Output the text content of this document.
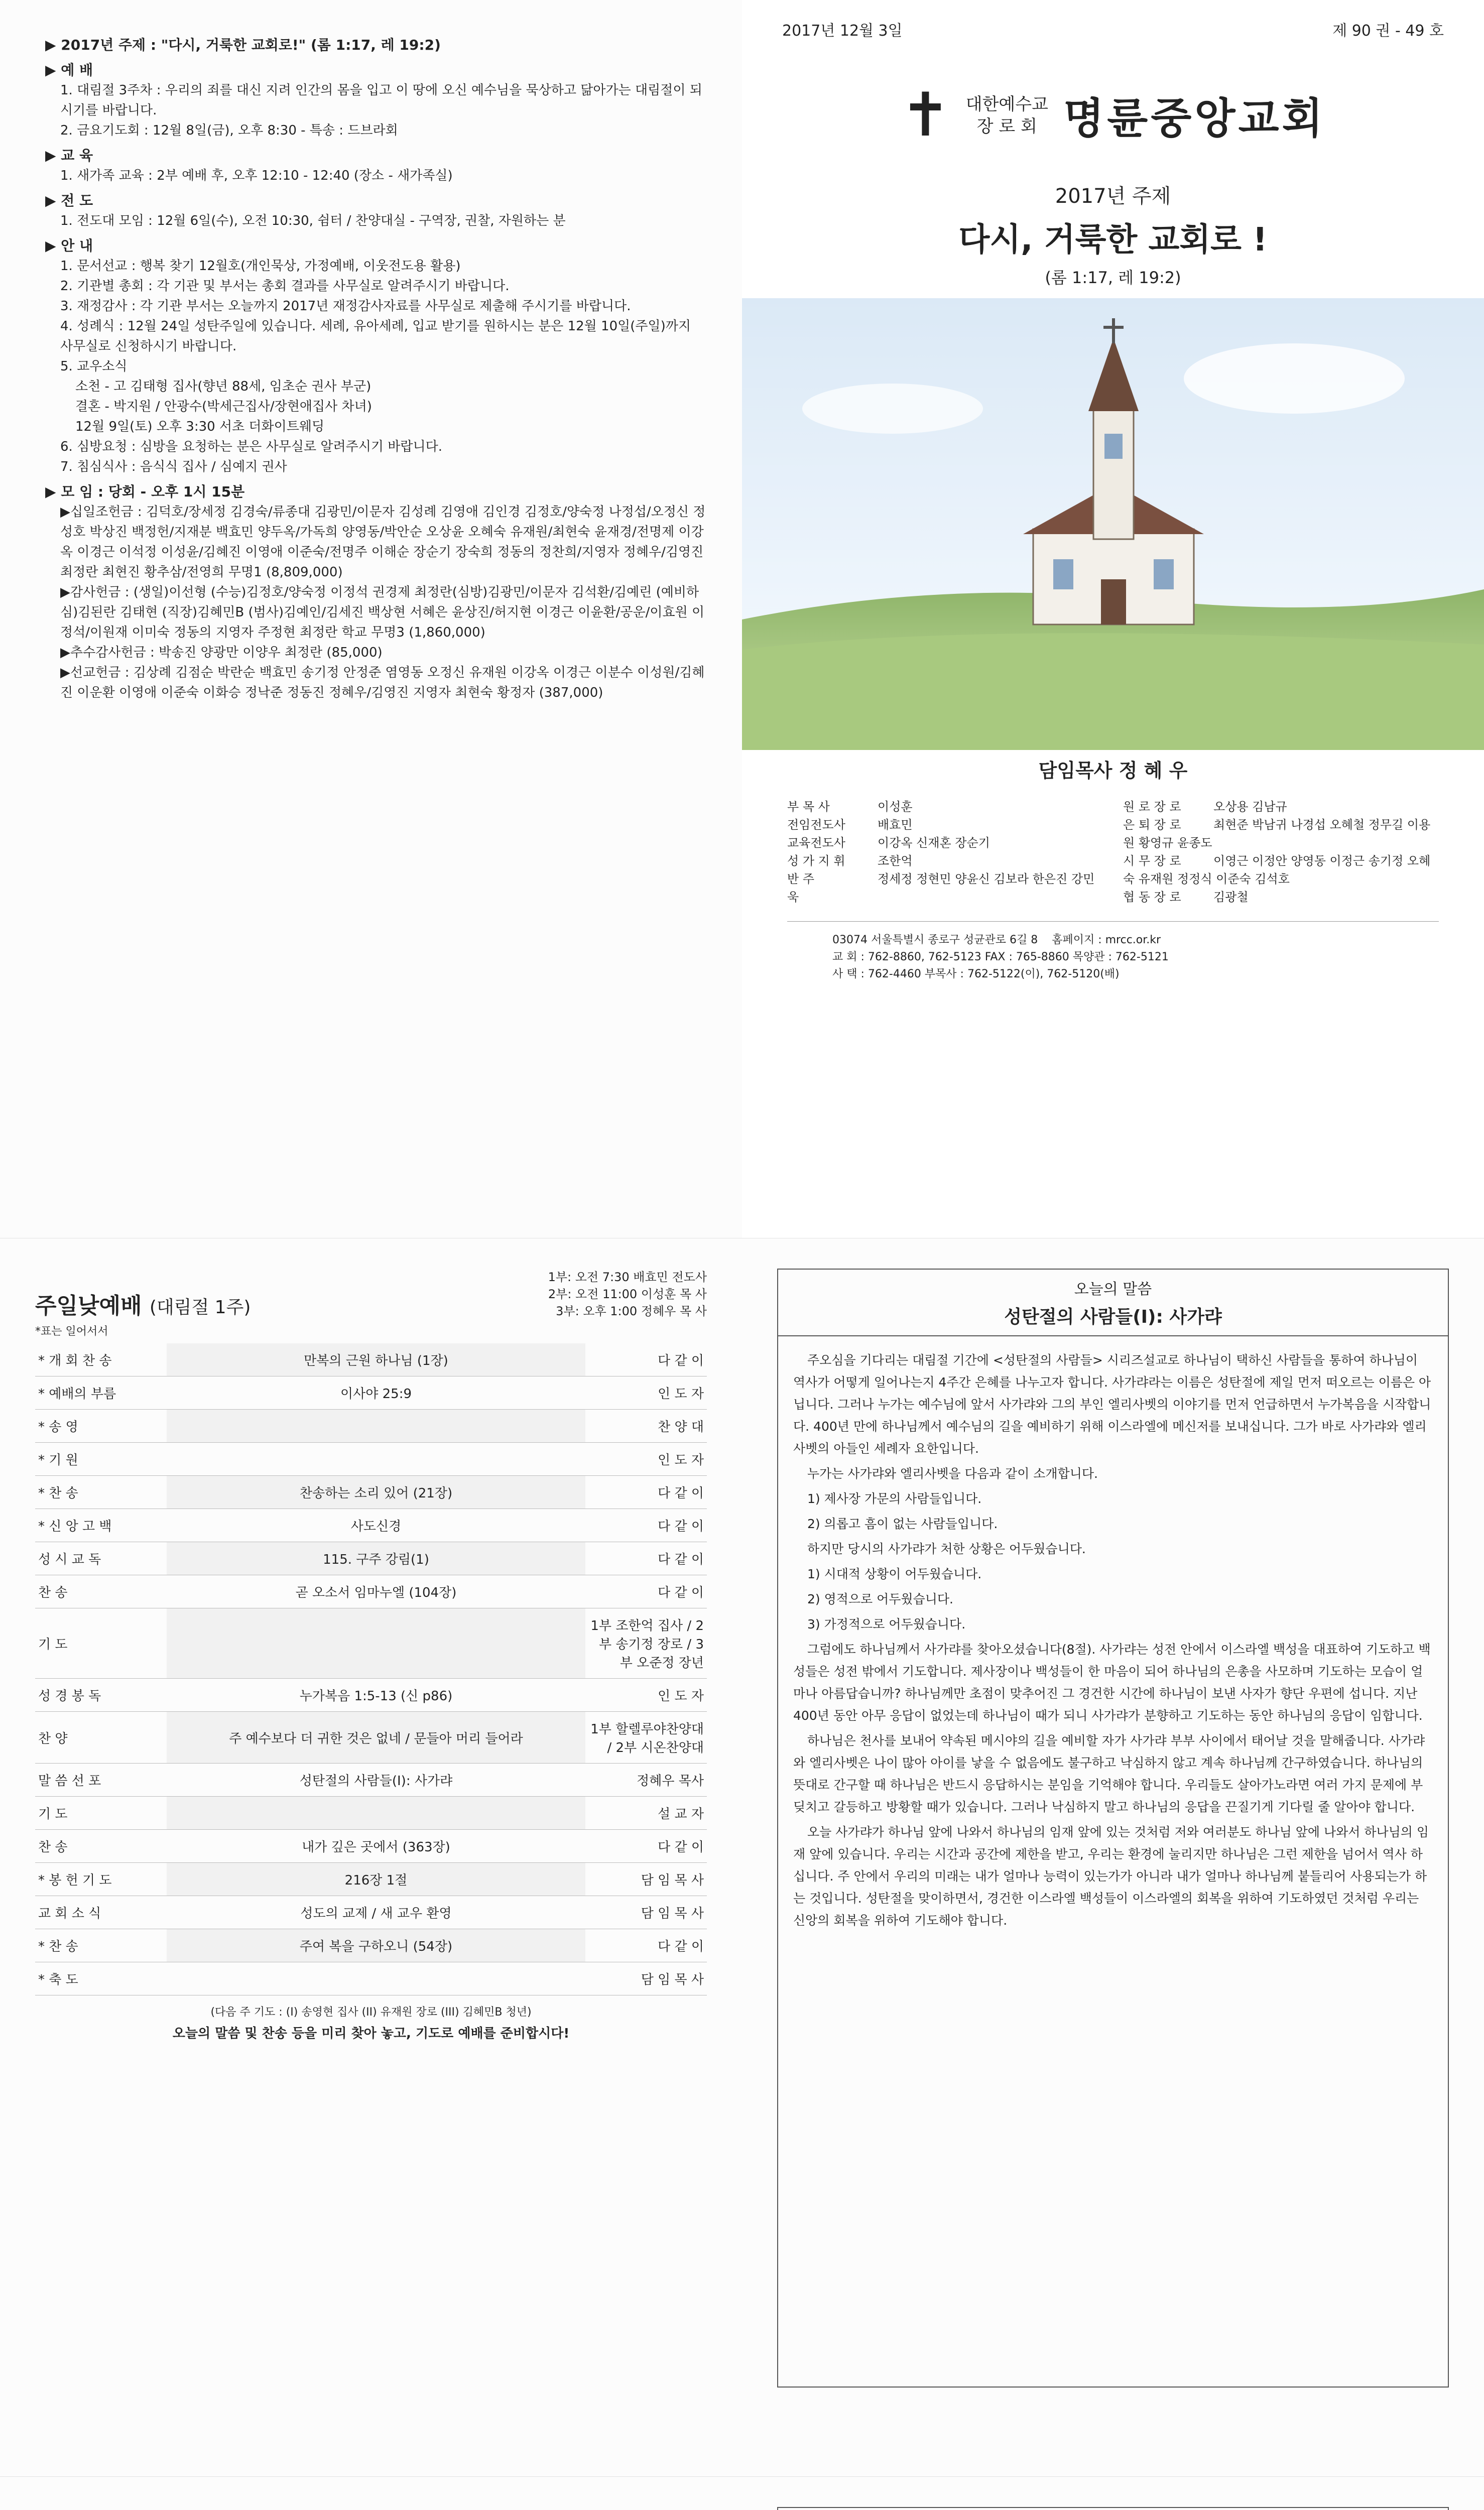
▶ 2017년 주제 : "다시, 거룩한 교회로!" (롬 1:17, 레 19:2)
▶ 예 배
1. 대림절 3주차 : 우리의 죄를 대신 지려 인간의 몸을 입고 이 땅에 오신 예수님을 묵상하고 닮아가는 대림절이 되시기를 바랍니다.
2. 금요기도회 : 12월 8일(금), 오후 8:30 - 특송 : 드브라회
▶ 교 육
1. 새가족 교육 : 2부 예배 후, 오후 12:10 - 12:40 (장소 - 새가족실)
▶ 전 도
1. 전도대 모임 : 12월 6일(수), 오전 10:30, 쉼터 / 찬양대실 - 구역장, 권찰, 자원하는 분
▶ 안 내
1. 문서선교 : 행복 찾기 12월호(개인묵상, 가정예배, 이웃전도용 활용)
2. 기관별 총회 : 각 기관 및 부서는 총회 결과를 사무실로 알려주시기 바랍니다.
3. 재정감사 : 각 기관 부서는 오늘까지 2017년 재정감사자료를 사무실로 제출해 주시기를 바랍니다.
4. 성례식 : 12월 24일 성탄주일에 있습니다. 세례, 유아세례, 입교 받기를 원하시는 분은 12월 10일(주일)까지 사무실로 신청하시기 바랍니다.
5. 교우소식
소천 - 고 김태형 집사(향년 88세, 임초순 권사 부군)
결혼 - 박지원 / 안광수(박세근집사/장현애집사 차녀)
12월 9일(토) 오후 3:30 서초 더화이트웨딩
6. 심방요청 : 심방을 요청하는 분은 사무실로 알려주시기 바랍니다.
7. 침심식사 : 음식식 집사 / 심예지 권사
▶ 모 임 : 당회 - 오후 1시 15분
▶십일조헌금 : 김덕호/장세정 김경숙/류종대 김광민/이문자 김성례 김영애 김인경 김정호/양숙정 나정섭/오정신 정성호 박상진 백정헌/지재분 백효민 양두옥/가독희 양영동/박안순 오상윤 오혜숙 유재원/최현숙 윤재경/전명제 이강옥 이경근 이석정 이성윤/김혜진 이영애 이준숙/전명주 이해순 장순기 장숙희 정동의 정찬희/지영자 정혜우/김영진 최정란 최현진 황추삼/전영희 무명1 (8,809,000)
▶감사헌금 : (생일)이선형 (수능)김정호/양숙정 이정석 권경제 최정란(심방)김광민/이문자 김석환/김예린 (예비하심)김된란 김태현 (직장)김혜민B (범사)김예인/김세진 백상현 서혜은 윤상진/허지현 이경근 이윤환/공운/이효원 이정석/이원재 이미숙 정동의 지영자 주정현 최정란 학교 무명3 (1,860,000)
▶추수감사헌금 : 박송진 양광만 이양우 최정란 (85,000)
▶선교헌금 : 김상례 김점순 박란순 백효민 송기정 안정준 염영동 오정신 유재원 이강옥 이경근 이분수 이성원/김혜진 이운환 이영애 이준숙 이화승 정낙준 정동진 정혜우/김영진 지영자 최현숙 황정자 (387,000)
2017년 12월 3일	제 90 권 - 49 호
✝ 대한예수교
장 로 회 명륜중앙교회
2017년 주제
다시, 거룩한 교회로 !
(롬 1:17, 레 19:2)
담임목사 정 혜 우
부 목 사	이성훈
전임전도사	배효민
교육전도사	이강옥 신재혼 장순기
성 가 지 휘	조한억
반 주	정세정 정현민 양윤신 김보라 한은진 강민욱
원 로 장 로	오상용 김남규
은 퇴 장 로	최현준 박남귀 나경섭 오혜철 정무길 이용원 황영규 윤종도
시 무 장 로	이영근 이정안 양영동 이정근 송기정 오혜숙 유재원 정정식 이준숙 김석호
협 동 장 로	김광철
03074 서울특별시 종로구 성균관로 6길 8 홈페이지 : mrcc.or.kr
교 회 : 762-8860, 762-5123 FAX : 765-8860 목양관 : 762-5121
사 택 : 762-4460 부목사 : 762-5122(이), 762-5120(배)
주일낮예배 (대림절 1주)
1부: 오전 7:30 배효민 전도사
2부: 오전 11:00 이성훈 목 사
3부: 오후 1:00 정혜우 목 사
*표는 일어서서
* 개 회 찬 송	만복의 근원 하나님 (1장)	다 같 이
* 예배의 부름	이사야 25:9	인 도 자
* 송 영		찬 양 대
* 기 원		인 도 자
* 찬 송	찬송하는 소리 있어 (21장)	다 같 이
* 신 앙 고 백	사도신경	다 같 이
성 시 교 독	115. 구주 강림(1)	다 같 이
찬 송	곧 오소서 임마누엘 (104장)	다 같 이
기 도		1부 조한억 집사 / 2부 송기정 장로 / 3부 오준정 장년
성 경 봉 독	누가복음 1:5-13 (신 p86)	인 도 자
찬 양	주 예수보다 더 귀한 것은 없네 / 문들아 머리 들어라	1부 할렐루야찬양대 / 2부 시온찬양대
말 씀 선 포	성탄절의 사람들(I): 사가랴	정혜우 목사
기 도		설 교 자
찬 송	내가 깊은 곳에서 (363장)	다 같 이
* 봉 헌 기 도	216장 1절	담 임 목 사
교 회 소 식	성도의 교제 / 새 교우 환영	담 임 목 사
* 찬 송	주여 복을 구하오니 (54장)	다 같 이
* 축 도		담 임 목 사
(다음 주 기도 : (I) 송영현 집사 (II) 유재원 장로 (III) 김혜민B 청년)
오늘의 말씀 및 찬송 등을 미리 찾아 놓고, 기도로 예배를 준비합시다!
오늘의 말씀
성탄절의 사람들(I): 사가랴

주오심을 기다리는 대림절 기간에 <성탄절의 사람들> 시리즈설교로 하나님이 택하신 사람들을 통하여 하나님이 역사가 어떻게 일어나는지 4주간 은혜를 나누고자 합니다. 사가랴라는 이름은 성탄절에 제일 먼저 떠오르는 이름은 아닙니다. 그러나 누가는 예수님에 앞서 사가랴와 그의 부인 엘리사벳의 이야기를 먼저 언급하면서 누가복음을 시작합니다. 400년 만에 하나님께서 예수님의 길을 예비하기 위해 이스라엘에 메신저를 보내십니다. 그가 바로 사가랴와 엘리사벳의 아들인 세례자 요한입니다.

누가는 사가랴와 엘리사벳을 다음과 같이 소개합니다.

1) 제사장 가문의 사람들입니다.

2) 의롭고 흠이 없는 사람들입니다.

하지만 당시의 사가랴가 처한 상황은 어두웠습니다.

1) 시대적 상황이 어두웠습니다.

2) 영적으로 어두웠습니다.

3) 가정적으로 어두웠습니다.

그럼에도 하나님께서 사가랴를 찾아오셨습니다(8절). 사가랴는 성전 안에서 이스라엘 백성을 대표하여 기도하고 백성들은 성전 밖에서 기도합니다. 제사장이나 백성들이 한 마음이 되어 하나님의 은총을 사모하며 기도하는 모습이 얼마나 아름답습니까? 하나님께만 초점이 맞추어진 그 경건한 시간에 하나님이 보낸 사자가 향단 우편에 섭니다. 지난 400년 동안 아무 응답이 없었는데 하나님이 때가 되니 사가랴가 분향하고 기도하는 동안 하나님의 응답이 임합니다.

하나님은 천사를 보내어 약속된 메시야의 길을 예비할 자가 사가랴 부부 사이에서 태어날 것을 말해줍니다. 사가랴와 엘리사벳은 나이 많아 아이를 낳을 수 없음에도 불구하고 낙심하지 않고 계속 하나님께 간구하였습니다. 하나님의 뜻대로 간구할 때 하나님은 반드시 응답하시는 분임을 기억해야 합니다. 우리들도 살아가노라면 여러 가지 문제에 부딪치고 갈등하고 방황할 때가 있습니다. 그러나 낙심하지 말고 하나님의 응답을 끈질기게 기다릴 줄 알아야 합니다.

오늘 사가랴가 하나님 앞에 나와서 하나님의 임재 앞에 있는 것처럼 저와 여러분도 하나님 앞에 나와서 하나님의 임재 앞에 있습니다. 우리는 시간과 공간에 제한을 받고, 우리는 환경에 눌리지만 하나님은 그런 제한을 넘어서 역사 하십니다. 주 안에서 우리의 미래는 내가 얼마나 능력이 있는가가 아니라 내가 얼마나 하나님께 붙들리어 사용되는가 하는 것입니다. 성탄절을 맞이하면서, 경건한 이스라엘 백성들이 이스라엘의 회복을 위하여 기도하였던 것처럼 우리는 신앙의 회복을 위하여 기도해야 합니다.
